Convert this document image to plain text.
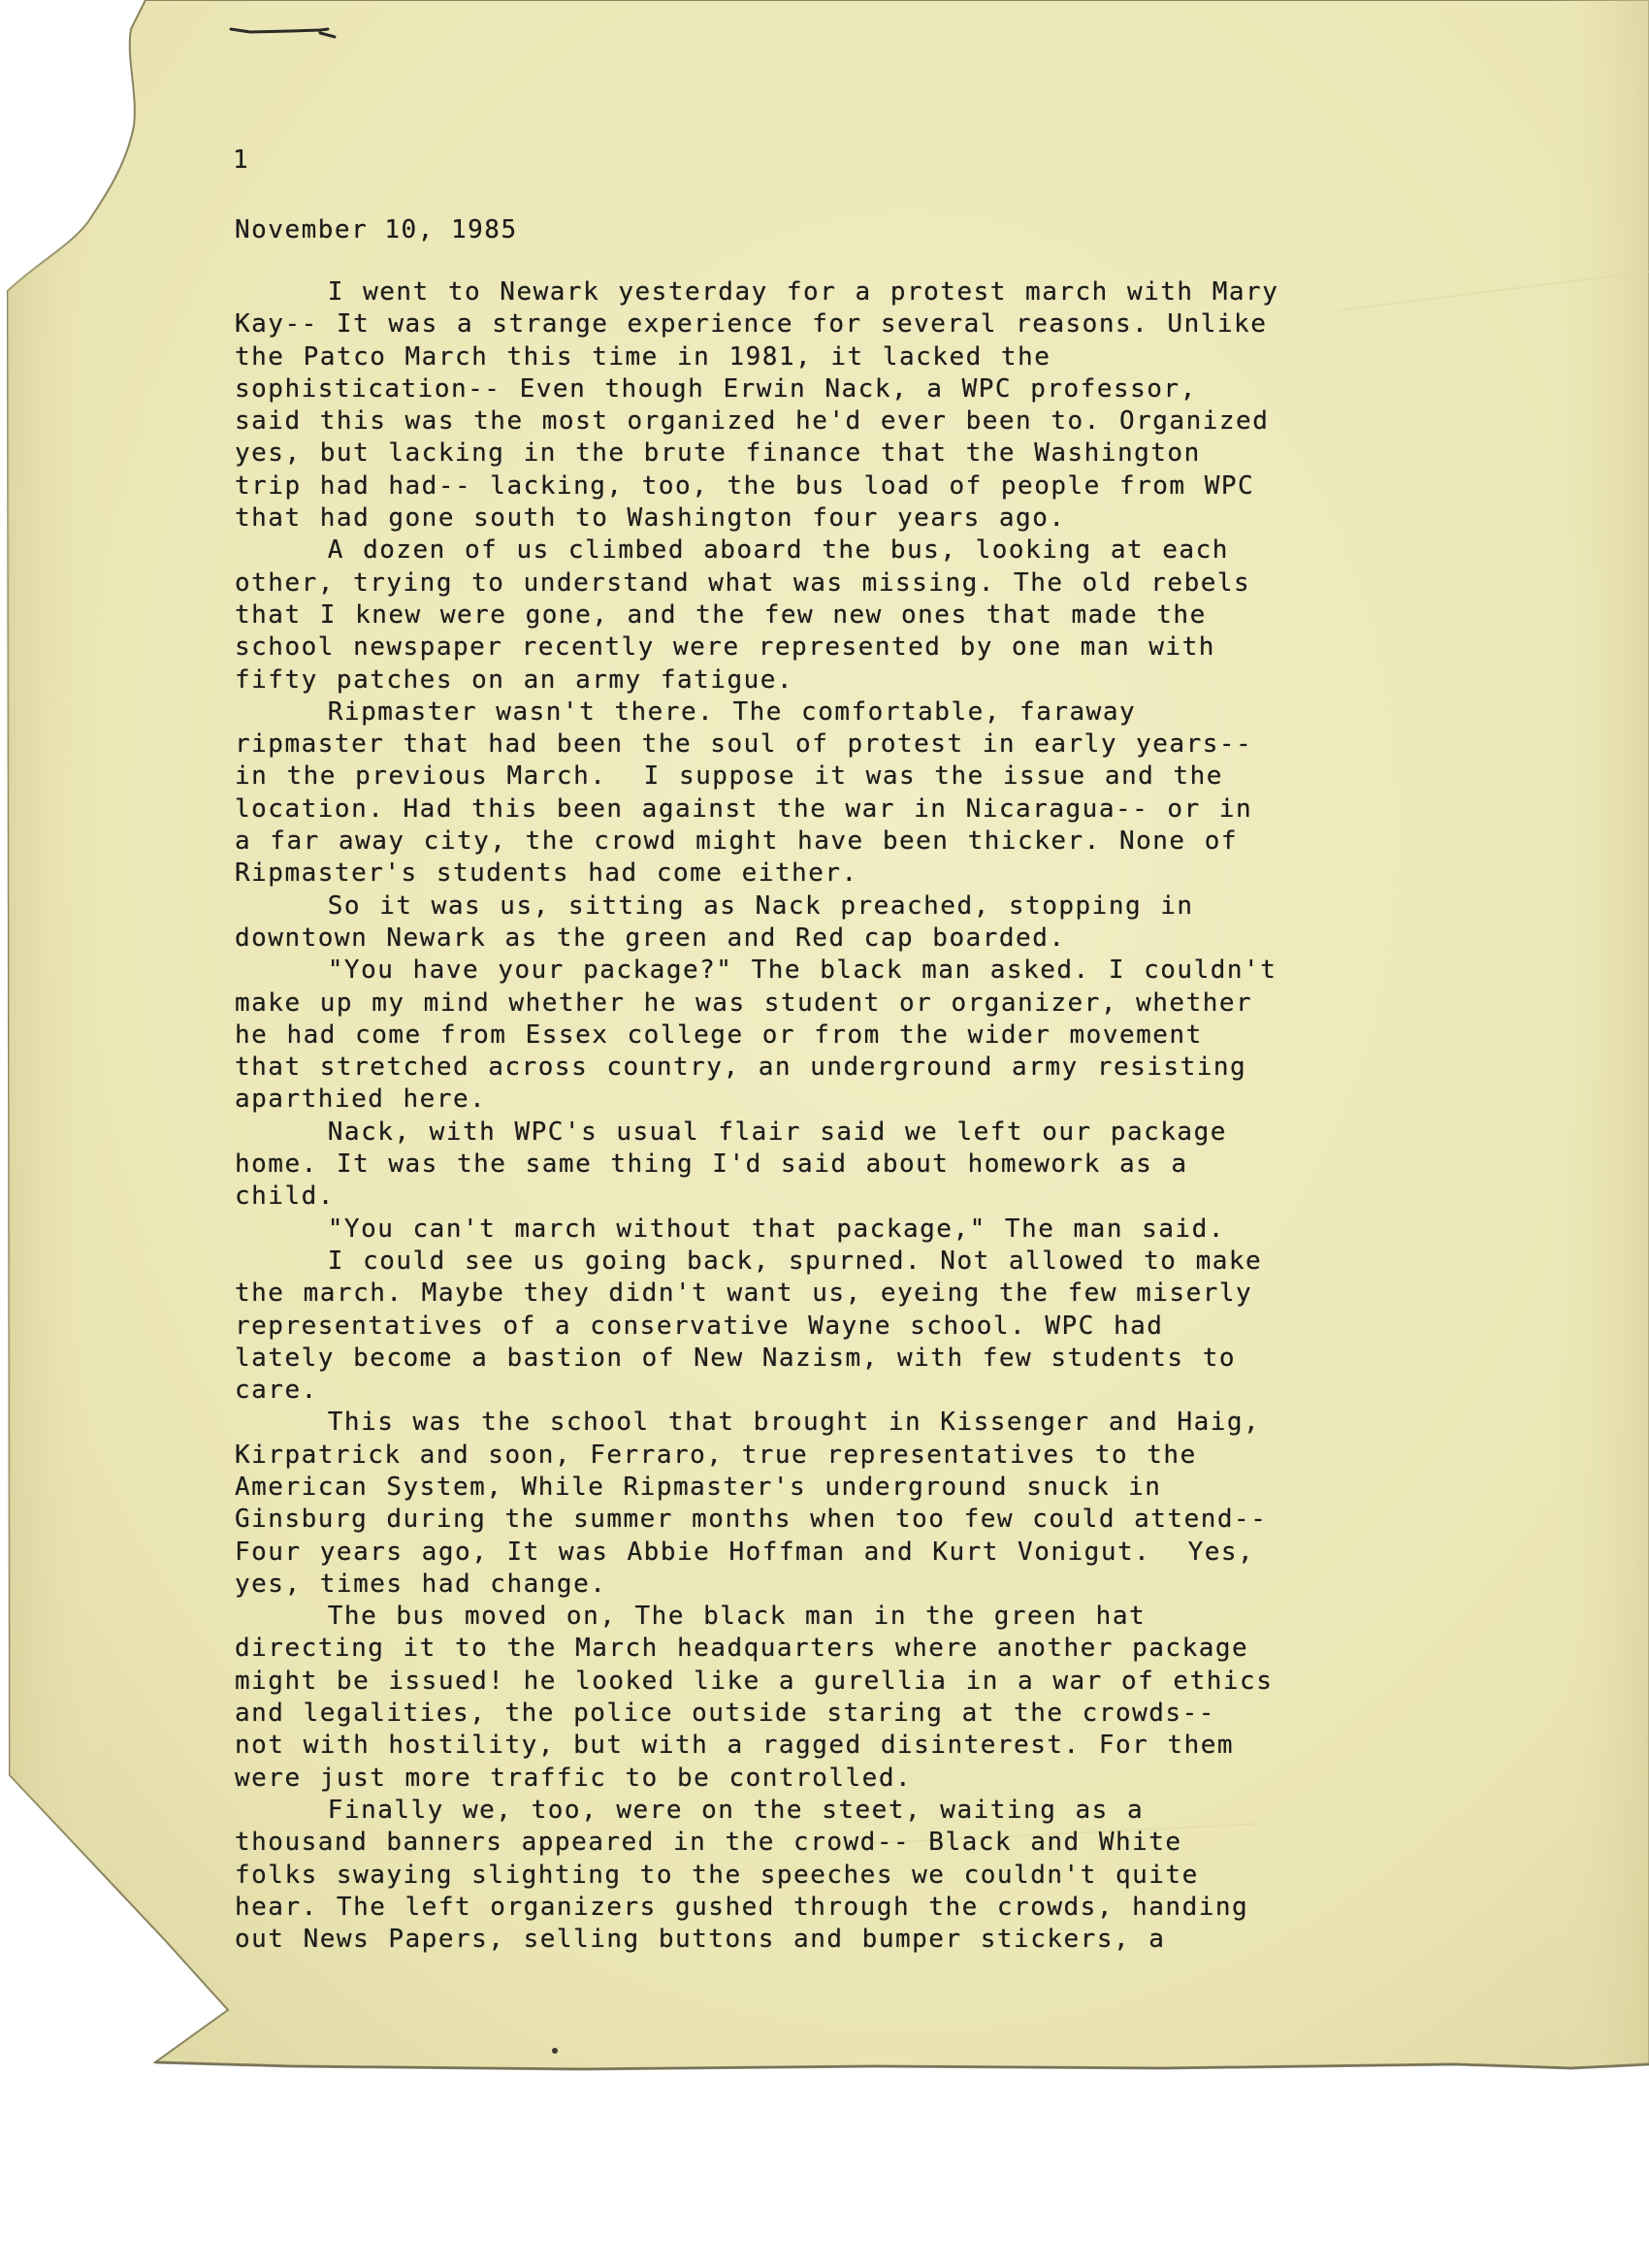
1
November 10, 1985
I went to Newark yesterday for a protest march with Mary
Kay-- It was a strange experience for several reasons. Unlike
the Patco March this time in 1981, it lacked the
sophistication-- Even though Erwin Nack, a WPC professor,
said this was the most organized he'd ever been to. Organized
yes, but lacking in the brute finance that the Washington
trip had had-- lacking, too, the bus load of people from WPC
that had gone south to Washington four years ago.
A dozen of us climbed aboard the bus, looking at each
other, trying to understand what was missing. The old rebels
that I knew were gone, and the few new ones that made the
school newspaper recently were represented by one man with
fifty patches on an army fatigue.
Ripmaster wasn't there. The comfortable, faraway
ripmaster that had been the soul of protest in early years--
in the previous March.  I suppose it was the issue and the
location. Had this been against the war in Nicaragua-- or in
a far away city, the crowd might have been thicker. None of
Ripmaster's students had come either.
So it was us, sitting as Nack preached, stopping in
downtown Newark as the green and Red cap boarded.
"You have your package?" The black man asked. I couldn't
make up my mind whether he was student or organizer, whether
he had come from Essex college or from the wider movement
that stretched across country, an underground army resisting
aparthied here.
Nack, with WPC's usual flair said we left our package
home. It was the same thing I'd said about homework as a
child.
"You can't march without that package," The man said.
I could see us going back, spurned. Not allowed to make
the march. Maybe they didn't want us, eyeing the few miserly
representatives of a conservative Wayne school. WPC had
lately become a bastion of New Nazism, with few students to
care.
This was the school that brought in Kissenger and Haig,
Kirpatrick and soon, Ferraro, true representatives to the
American System, While Ripmaster's underground snuck in
Ginsburg during the summer months when too few could attend--
Four years ago, It was Abbie Hoffman and Kurt Vonigut.  Yes,
yes, times had change.
The bus moved on, The black man in the green hat
directing it to the March headquarters where another package
might be issued! he looked like a gurellia in a war of ethics
and legalities, the police outside staring at the crowds--
not with hostility, but with a ragged disinterest. For them
were just more traffic to be controlled.
Finally we, too, were on the steet, waiting as a
thousand banners appeared in the crowd-- Black and White
folks swaying slighting to the speeches we couldn't quite
hear. The left organizers gushed through the crowds, handing
out News Papers, selling buttons and bumper stickers, a
